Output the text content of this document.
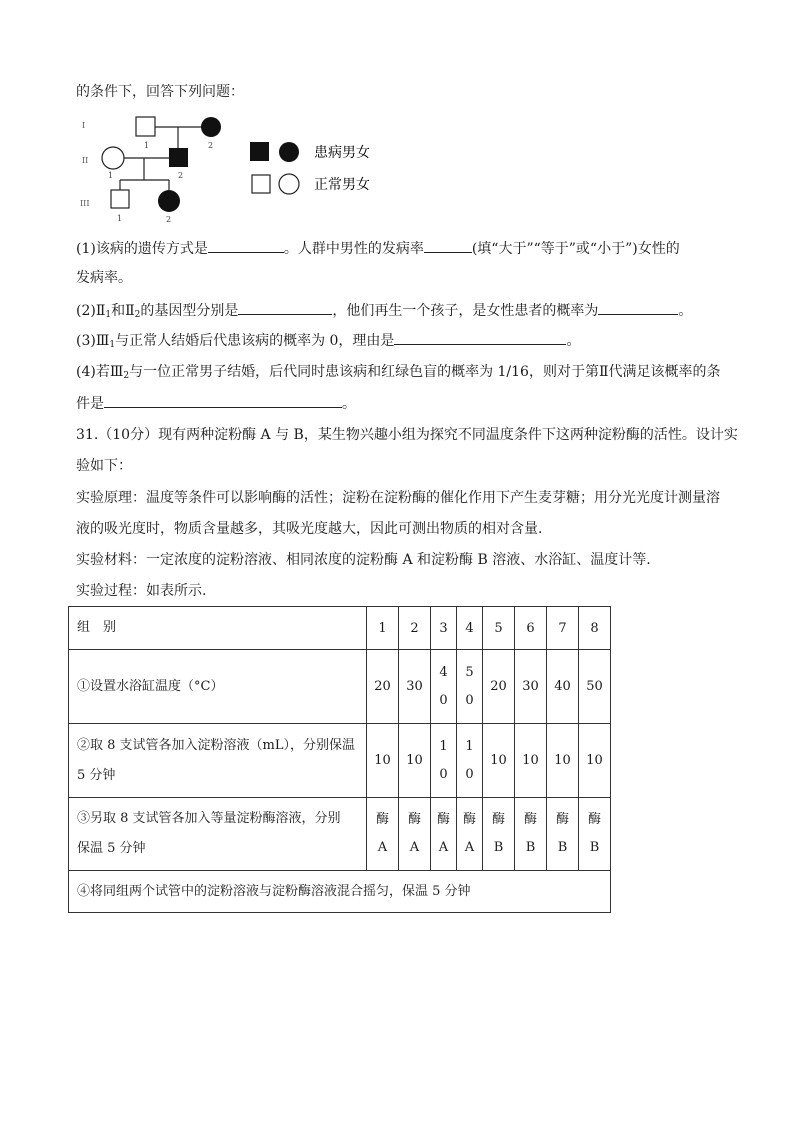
的条件下，回答下列问题：
I
II
III
1	2
1	2
1	2
患病男女
正常男女
(1)该病的遗传方式是	。人群中男性的发病率	(填“大于”“等于”或“小于”)女性的
发病率。
$(2)Ⅱ_1$和$Ⅱ_2$的基因型分别是	，他们再生一个孩子，是女性患者的概率为	。
$(3)Ⅲ_1$与正常人结婚后代患该病的概率为 0，理由是	。
(4)若$Ⅲ_2$与一位正常男子结婚，后代同时患该病和红绿色盲的概率为 1/16，则对于第Ⅱ代满足该概率的条
件是	。
31.（10分）现有两种淀粉酶 A 与 B，某生物兴趣小组为探究不同温度条件下这两种淀粉酶的活性。设计实
验如下：
实验原理：温度等条件可以影响酶的活性；淀粉在淀粉酶的催化作用下产生麦芽糖；用分光光度计测量溶
液的吸光度时，物质含量越多，其吸光度越大，因此可测出物质的相对含量.
实验材料：一定浓度的淀粉溶液、相同浓度的淀粉酶 A 和淀粉酶 B 溶液、水浴缸、温度计等.
实验过程：如表所示.
组　别	1	2	3	4	5	6	7	8
①设置水浴缸温度（°C）	20	30	4
0	5
0	20	30	40	50
②取 8 支试管各加入淀粉溶液（mL），分别保温
5 分钟	10	10	1
0	1
0	10	10	10	10
③另取 8 支试管各加入等量淀粉酶溶液，分别
保温 5 分钟	酶
A	酶
A	酶
A	酶
A	酶
B	酶
B	酶
B	酶
B
④将同组两个试管中的淀粉溶液与淀粉酶溶液混合摇匀，保温 5 分钟								
